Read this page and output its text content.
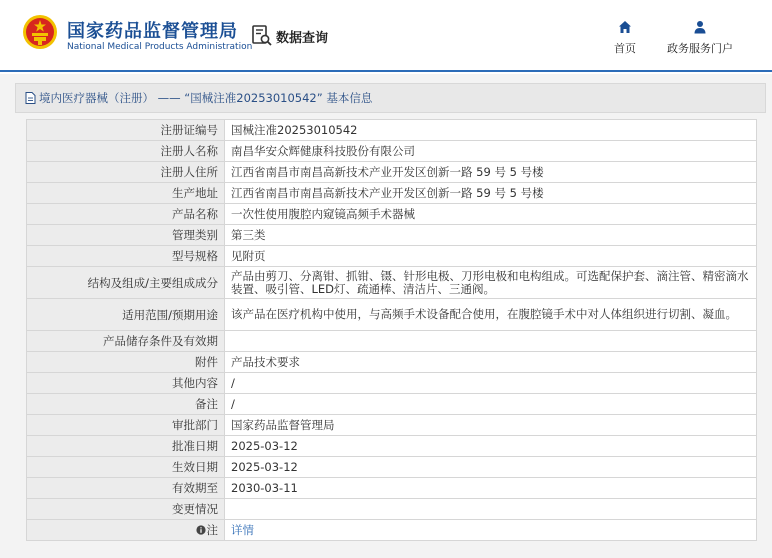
国家药品监督管理局
National Medical Products Administration
数据查询
首页	政务服务门户
境内医疗器械（注册） —— “国械注准20253010542” 基本信息
注册证编号	国械注准20253010542
注册人名称	南昌华安众辉健康科技股份有限公司
注册人住所	江西省南昌市南昌高新技术产业开发区创新一路 59 号 5 号楼
生产地址	江西省南昌市南昌高新技术产业开发区创新一路 59 号 5 号楼
产品名称	一次性使用腹腔内窥镜高频手术器械
管理类别	第三类
型号规格	见附页
结构及组成/主要组成成分	产品由剪刀、分离钳、抓钳、镊、针形电极、刀形电极和电构组成。可选配保护套、滴注管、精密滴水装置、吸引管、LED灯、疏通棒、清洁片、三通阀。
适用范围/预期用途	该产品在医疗机构中使用，与高频手术设备配合使用，在腹腔镜手术中对人体组织进行切割、凝血。
产品储存条件及有效期	
附件	产品技术要求
其他内容	/
备注	/
审批部门	国家药品监督管理局
批准日期	2025-03-12
生效日期	2025-03-12
有效期至	2030-03-11
变更情况	
注	详情
